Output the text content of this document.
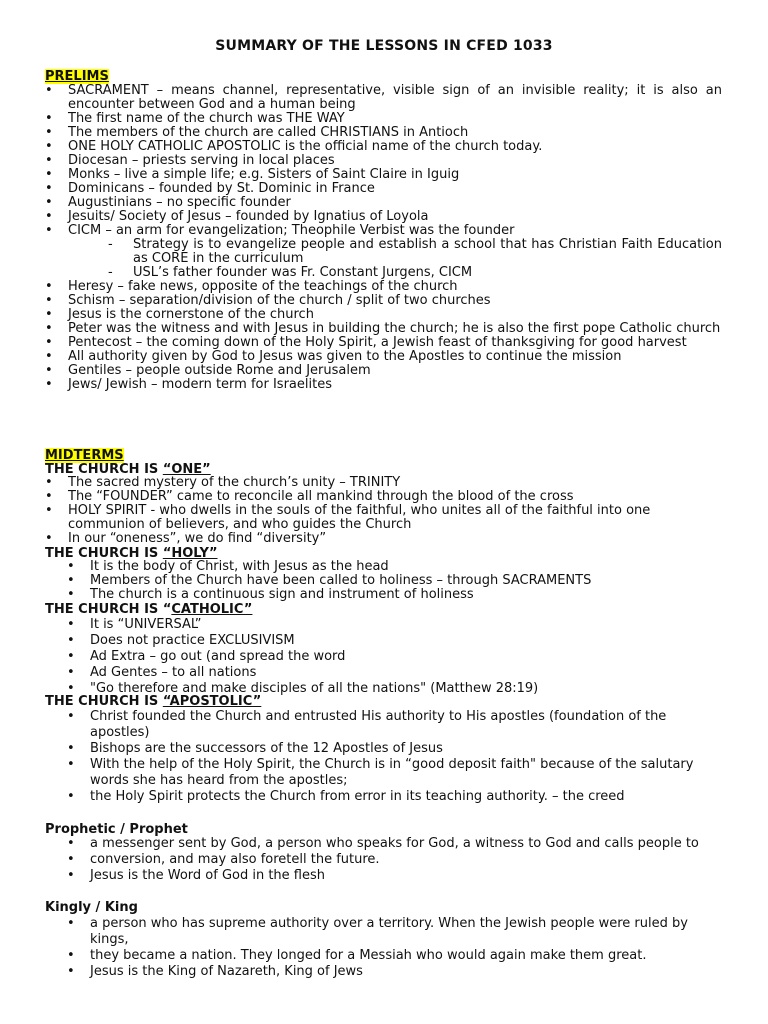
SUMMARY OF THE LESSONS IN CFED 1033
PRELIMS
• SACRAMENT – means channel, representative, visible sign of an invisible reality; it is also an encounter between God and a human being
• The first name of the church was THE WAY
• The members of the church are called CHRISTIANS in Antioch
• ONE HOLY CATHOLIC APOSTOLIC is the official name of the church today.
• Diocesan – priests serving in local places
• Monks – live a simple life; e.g. Sisters of Saint Claire in Iguig
• Dominicans – founded by St. Dominic in France
• Augustinians – no specific founder
• Jesuits/ Society of Jesus – founded by Ignatius of Loyola
• CICM – an arm for evangelization; Theophile Verbist was the founder
- Strategy is to evangelize people and establish a school that has Christian Faith Education as CORE in the curriculum
- USL’s father founder was Fr. Constant Jurgens, CICM
• Heresy – fake news, opposite of the teachings of the church
• Schism – separation/division of the church / split of two churches
• Jesus is the cornerstone of the church
• Peter was the witness and with Jesus in building the church; he is also the first pope Catholic church
• Pentecost – the coming down of the Holy Spirit, a Jewish feast of thanksgiving for good harvest
• All authority given by God to Jesus was given to the Apostles to continue the mission
• Gentiles – people outside Rome and Jerusalem
• Jews/ Jewish – modern term for Israelites
MIDTERMS
THE CHURCH IS “ONE”
• The sacred mystery of the church’s unity – TRINITY
• The “FOUNDER” came to reconcile all mankind through the blood of the cross
• HOLY SPIRIT - who dwells in the souls of the faithful, who unites all of the faithful into one communion of believers, and who guides the Church
• In our “oneness”, we do find “diversity”
THE CHURCH IS “HOLY”
• It is the body of Christ, with Jesus as the head
• Members of the Church have been called to holiness – through SACRAMENTS
• The church is a continuous sign and instrument of holiness
THE CHURCH IS “CATHOLIC”
• It is “UNIVERSAL”
• Does not practice EXCLUSIVISM
• Ad Extra – go out (and spread the word
• Ad Gentes – to all nations
• "Go therefore and make disciples of all the nations" (Matthew 28:19)
THE CHURCH IS “APOSTOLIC”
• Christ founded the Church and entrusted His authority to His apostles (foundation of the apostles)
• Bishops are the successors of the 12 Apostles of Jesus
• With the help of the Holy Spirit, the Church is in “good deposit faith" because of the salutary words she has heard from the apostles;
• the Holy Spirit protects the Church from error in its teaching authority. – the creed
Prophetic / Prophet
• a messenger sent by God, a person who speaks for God, a witness to God and calls people to
• conversion, and may also foretell the future.
• Jesus is the Word of God in the flesh
Kingly / King
• a person who has supreme authority over a territory. When the Jewish people were ruled by kings,
• they became a nation. They longed for a Messiah who would again make them great.
• Jesus is the King of Nazareth, King of Jews
